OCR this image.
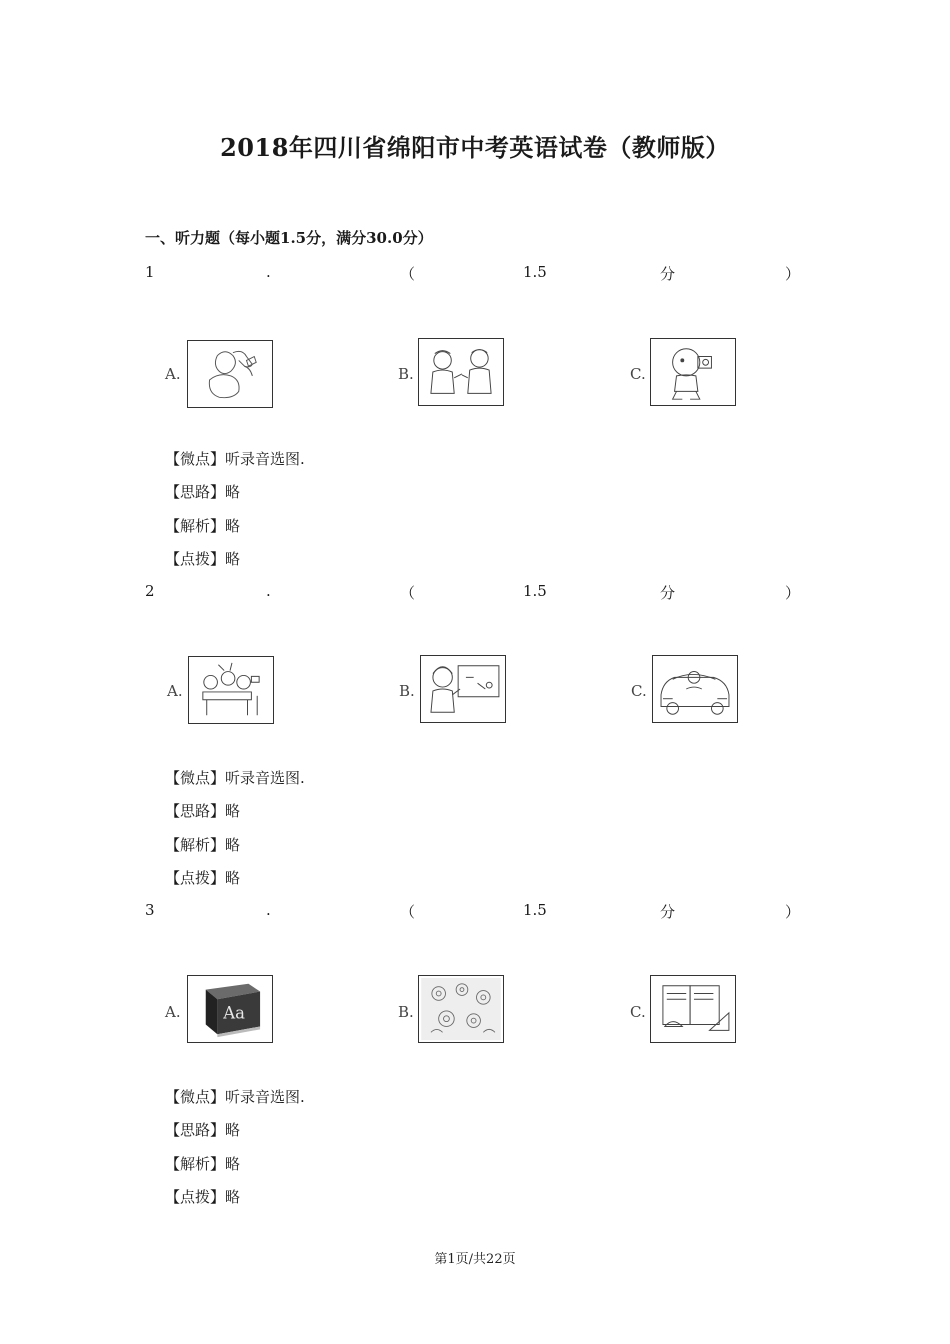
2018年四川省绵阳市中考英语试卷（教师版）
一、听力题（每小题1.5分，满分30.0分）
1	.	（	1.5	分	）
A.	B.	C.
【微点】听录音选图.
【思路】略
【解析】略
【点拨】略
2	.	（	1.5	分	）
A.	B.	C.
【微点】听录音选图.
【思路】略
【解析】略
【点拨】略
3	.	（	1.5	分	）
A.	Aa	B.	C.
【微点】听录音选图.
【思路】略
【解析】略
【点拨】略
第1页/共22页
